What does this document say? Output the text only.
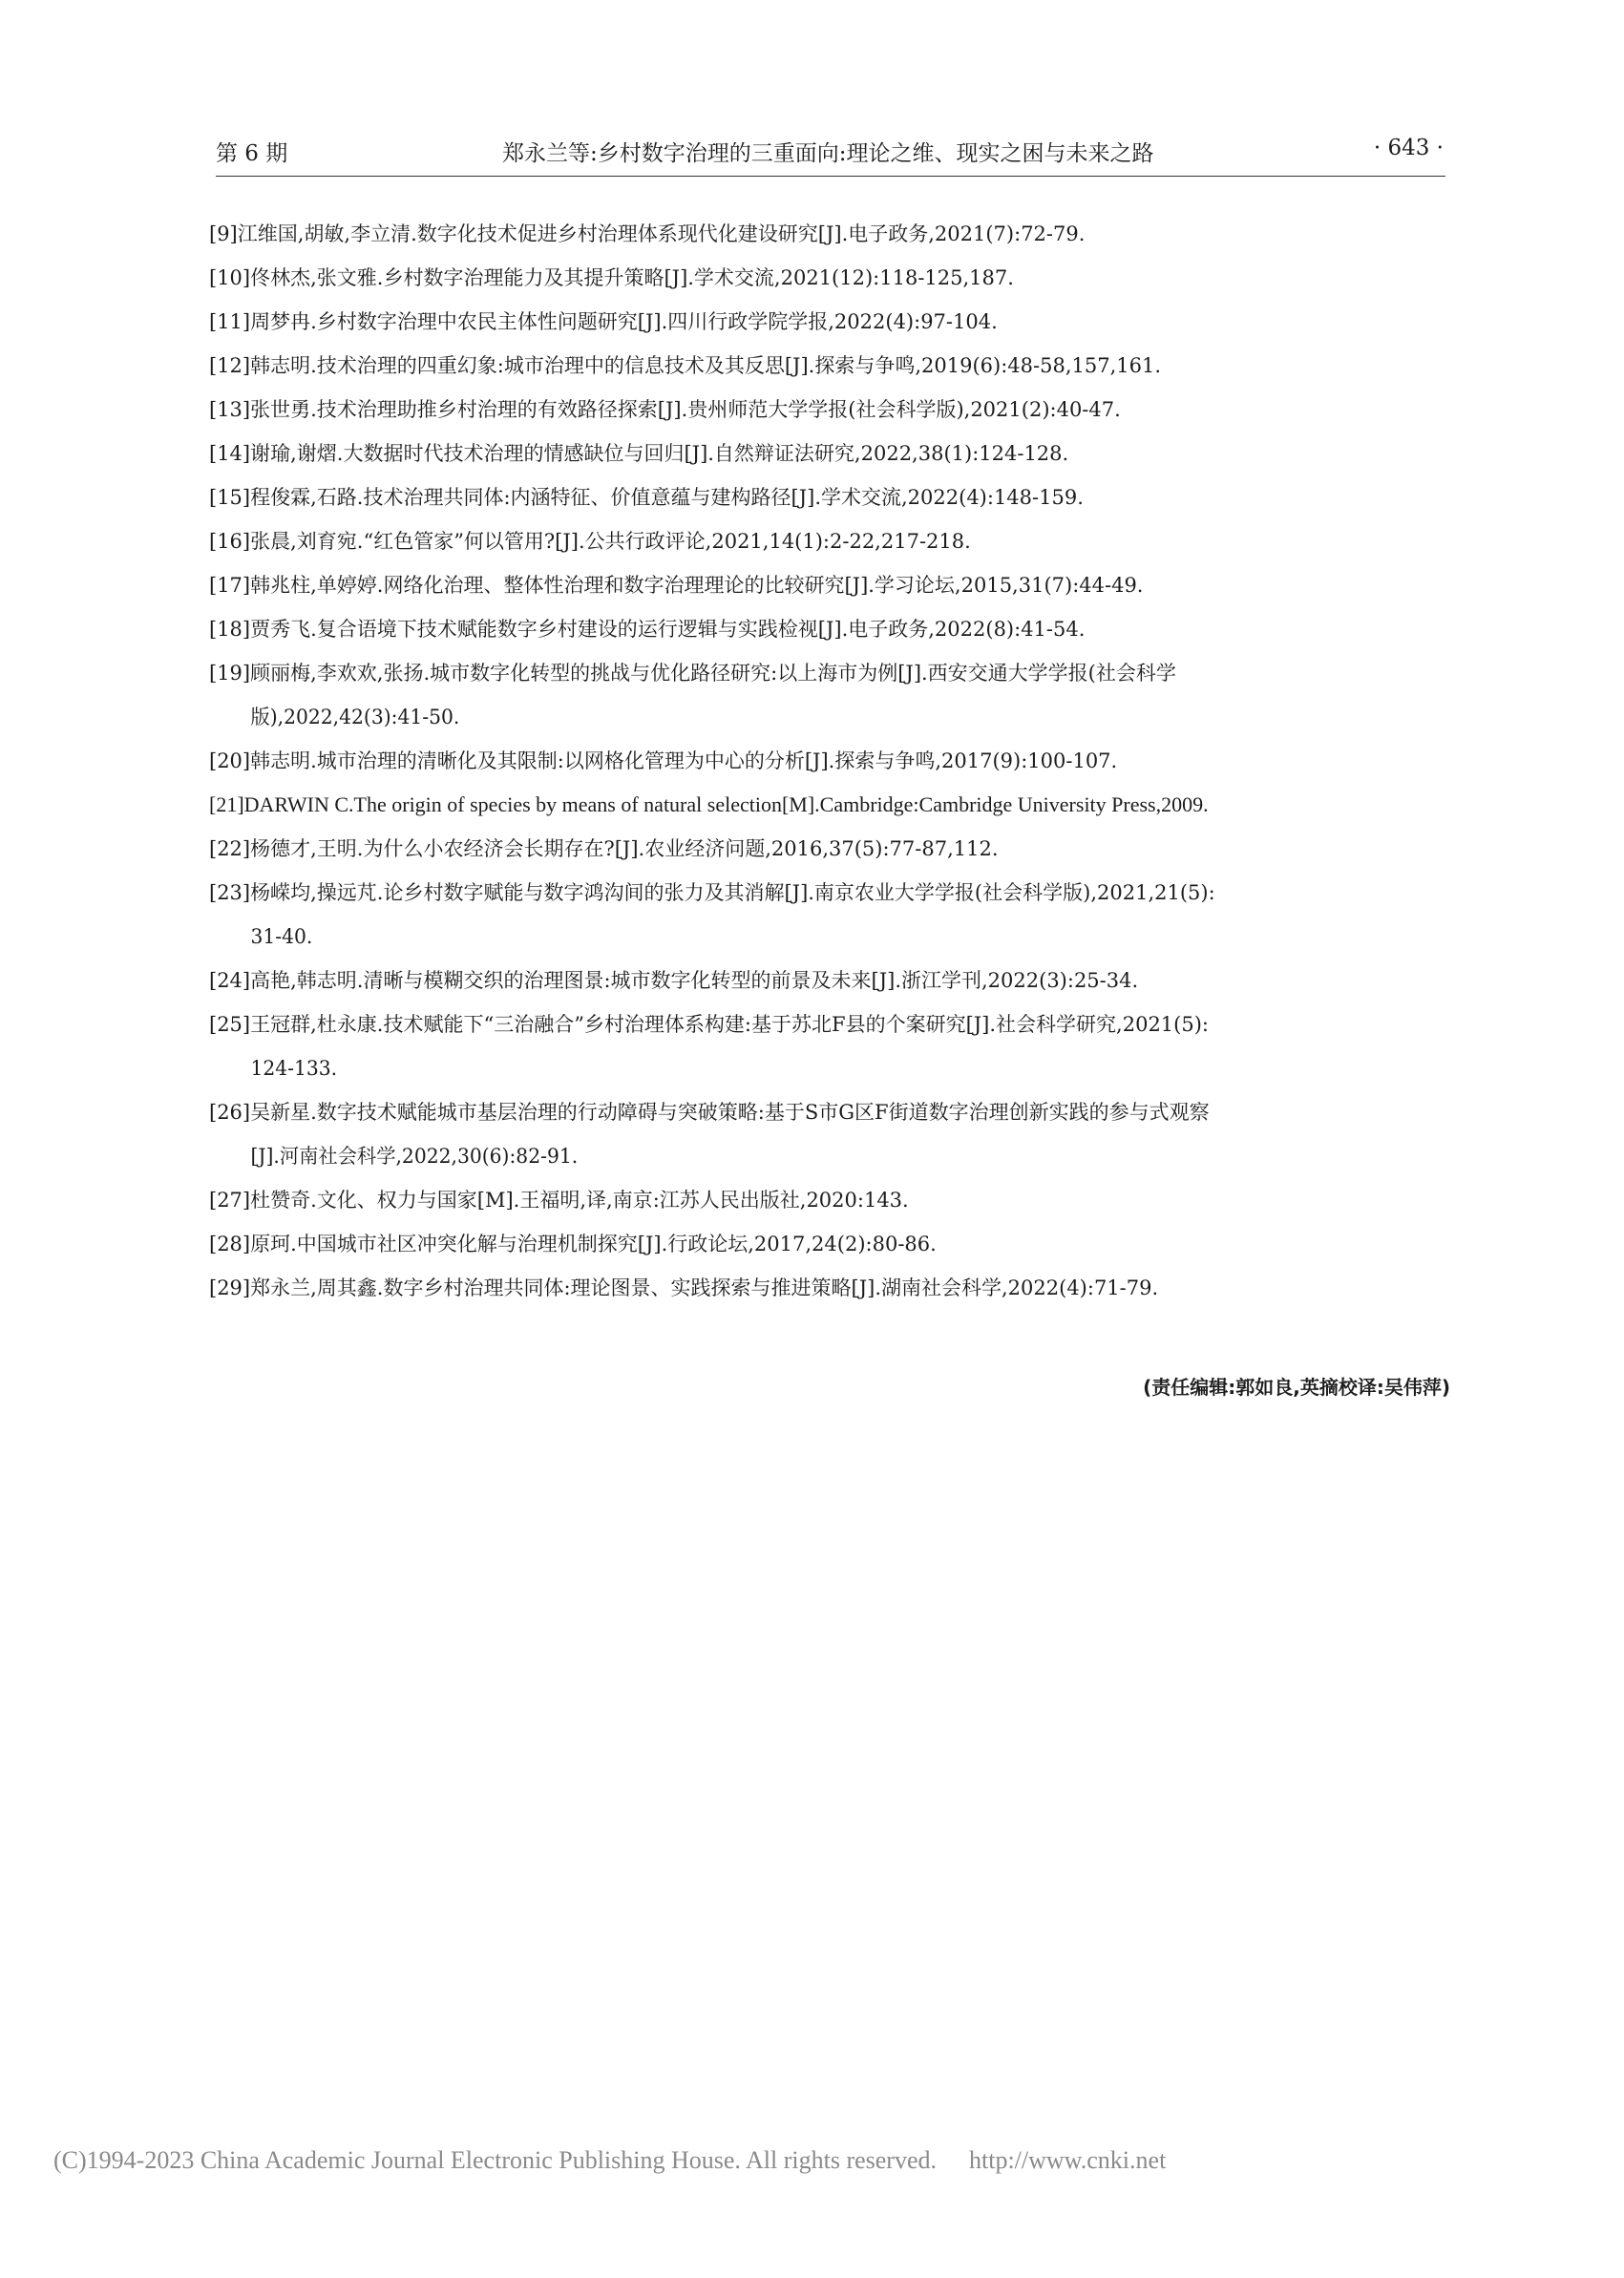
第 6 期	郑永兰等:乡村数字治理的三重面向:理论之维、现实之困与未来之路	· 643 ·
[9]江维国,胡敏,李立清.数字化技术促进乡村治理体系现代化建设研究[J].电子政务,2021(7):72-79.
[10]佟林杰,张文雅.乡村数字治理能力及其提升策略[J].学术交流,2021(12):118-125,187.
[11]周梦冉.乡村数字治理中农民主体性问题研究[J].四川行政学院学报,2022(4):97-104.
[12]韩志明.技术治理的四重幻象:城市治理中的信息技术及其反思[J].探索与争鸣,2019(6):48-58,157,161.
[13]张世勇.技术治理助推乡村治理的有效路径探索[J].贵州师范大学学报(社会科学版),2021(2):40-47.
[14]谢瑜,谢熠.大数据时代技术治理的情感缺位与回归[J].自然辩证法研究,2022,38(1):124-128.
[15]程俊霖,石路.技术治理共同体:内涵特征、价值意蕴与建构路径[J].学术交流,2022(4):148-159.
[16]张晨,刘育宛.“红色管家”何以管用?[J].公共行政评论,2021,14(1):2-22,217-218.
[17]韩兆柱,单婷婷.网络化治理、整体性治理和数字治理理论的比较研究[J].学习论坛,2015,31(7):44-49.
[18]贾秀飞.复合语境下技术赋能数字乡村建设的运行逻辑与实践检视[J].电子政务,2022(8):41-54.
[19]顾丽梅,李欢欢,张扬.城市数字化转型的挑战与优化路径研究:以上海市为例[J].西安交通大学学报(社会科学
版),2022,42(3):41-50.
[20]韩志明.城市治理的清晰化及其限制:以网格化管理为中心的分析[J].探索与争鸣,2017(9):100-107.
[21]DARWIN C.The origin of species by means of natural selection[M].Cambridge:Cambridge University Press,2009.
[22]杨德才,王明.为什么小农经济会长期存在?[J].农业经济问题,2016,37(5):77-87,112.
[23]杨嵘均,操远芃.论乡村数字赋能与数字鸿沟间的张力及其消解[J].南京农业大学学报(社会科学版),2021,21(5):
31-40.
[24]高艳,韩志明.清晰与模糊交织的治理图景:城市数字化转型的前景及未来[J].浙江学刊,2022(3):25-34.
[25]王冠群,杜永康.技术赋能下“三治融合”乡村治理体系构建:基于苏北F县的个案研究[J].社会科学研究,2021(5):
124-133.
[26]吴新星.数字技术赋能城市基层治理的行动障碍与突破策略:基于S市G区F街道数字治理创新实践的参与式观察
[J].河南社会科学,2022,30(6):82-91.
[27]杜赞奇.文化、权力与国家[M].王福明,译,南京:江苏人民出版社,2020:143.
[28]原珂.中国城市社区冲突化解与治理机制探究[J].行政论坛,2017,24(2):80-86.
[29]郑永兰,周其鑫.数字乡村治理共同体:理论图景、实践探索与推进策略[J].湖南社会科学,2022(4):71-79.
(责任编辑:郭如良,英摘校译:吴伟萍)
(C)1994-2023 China Academic Journal Electronic Publishing House. All rights reserved. http://www.cnki.net
